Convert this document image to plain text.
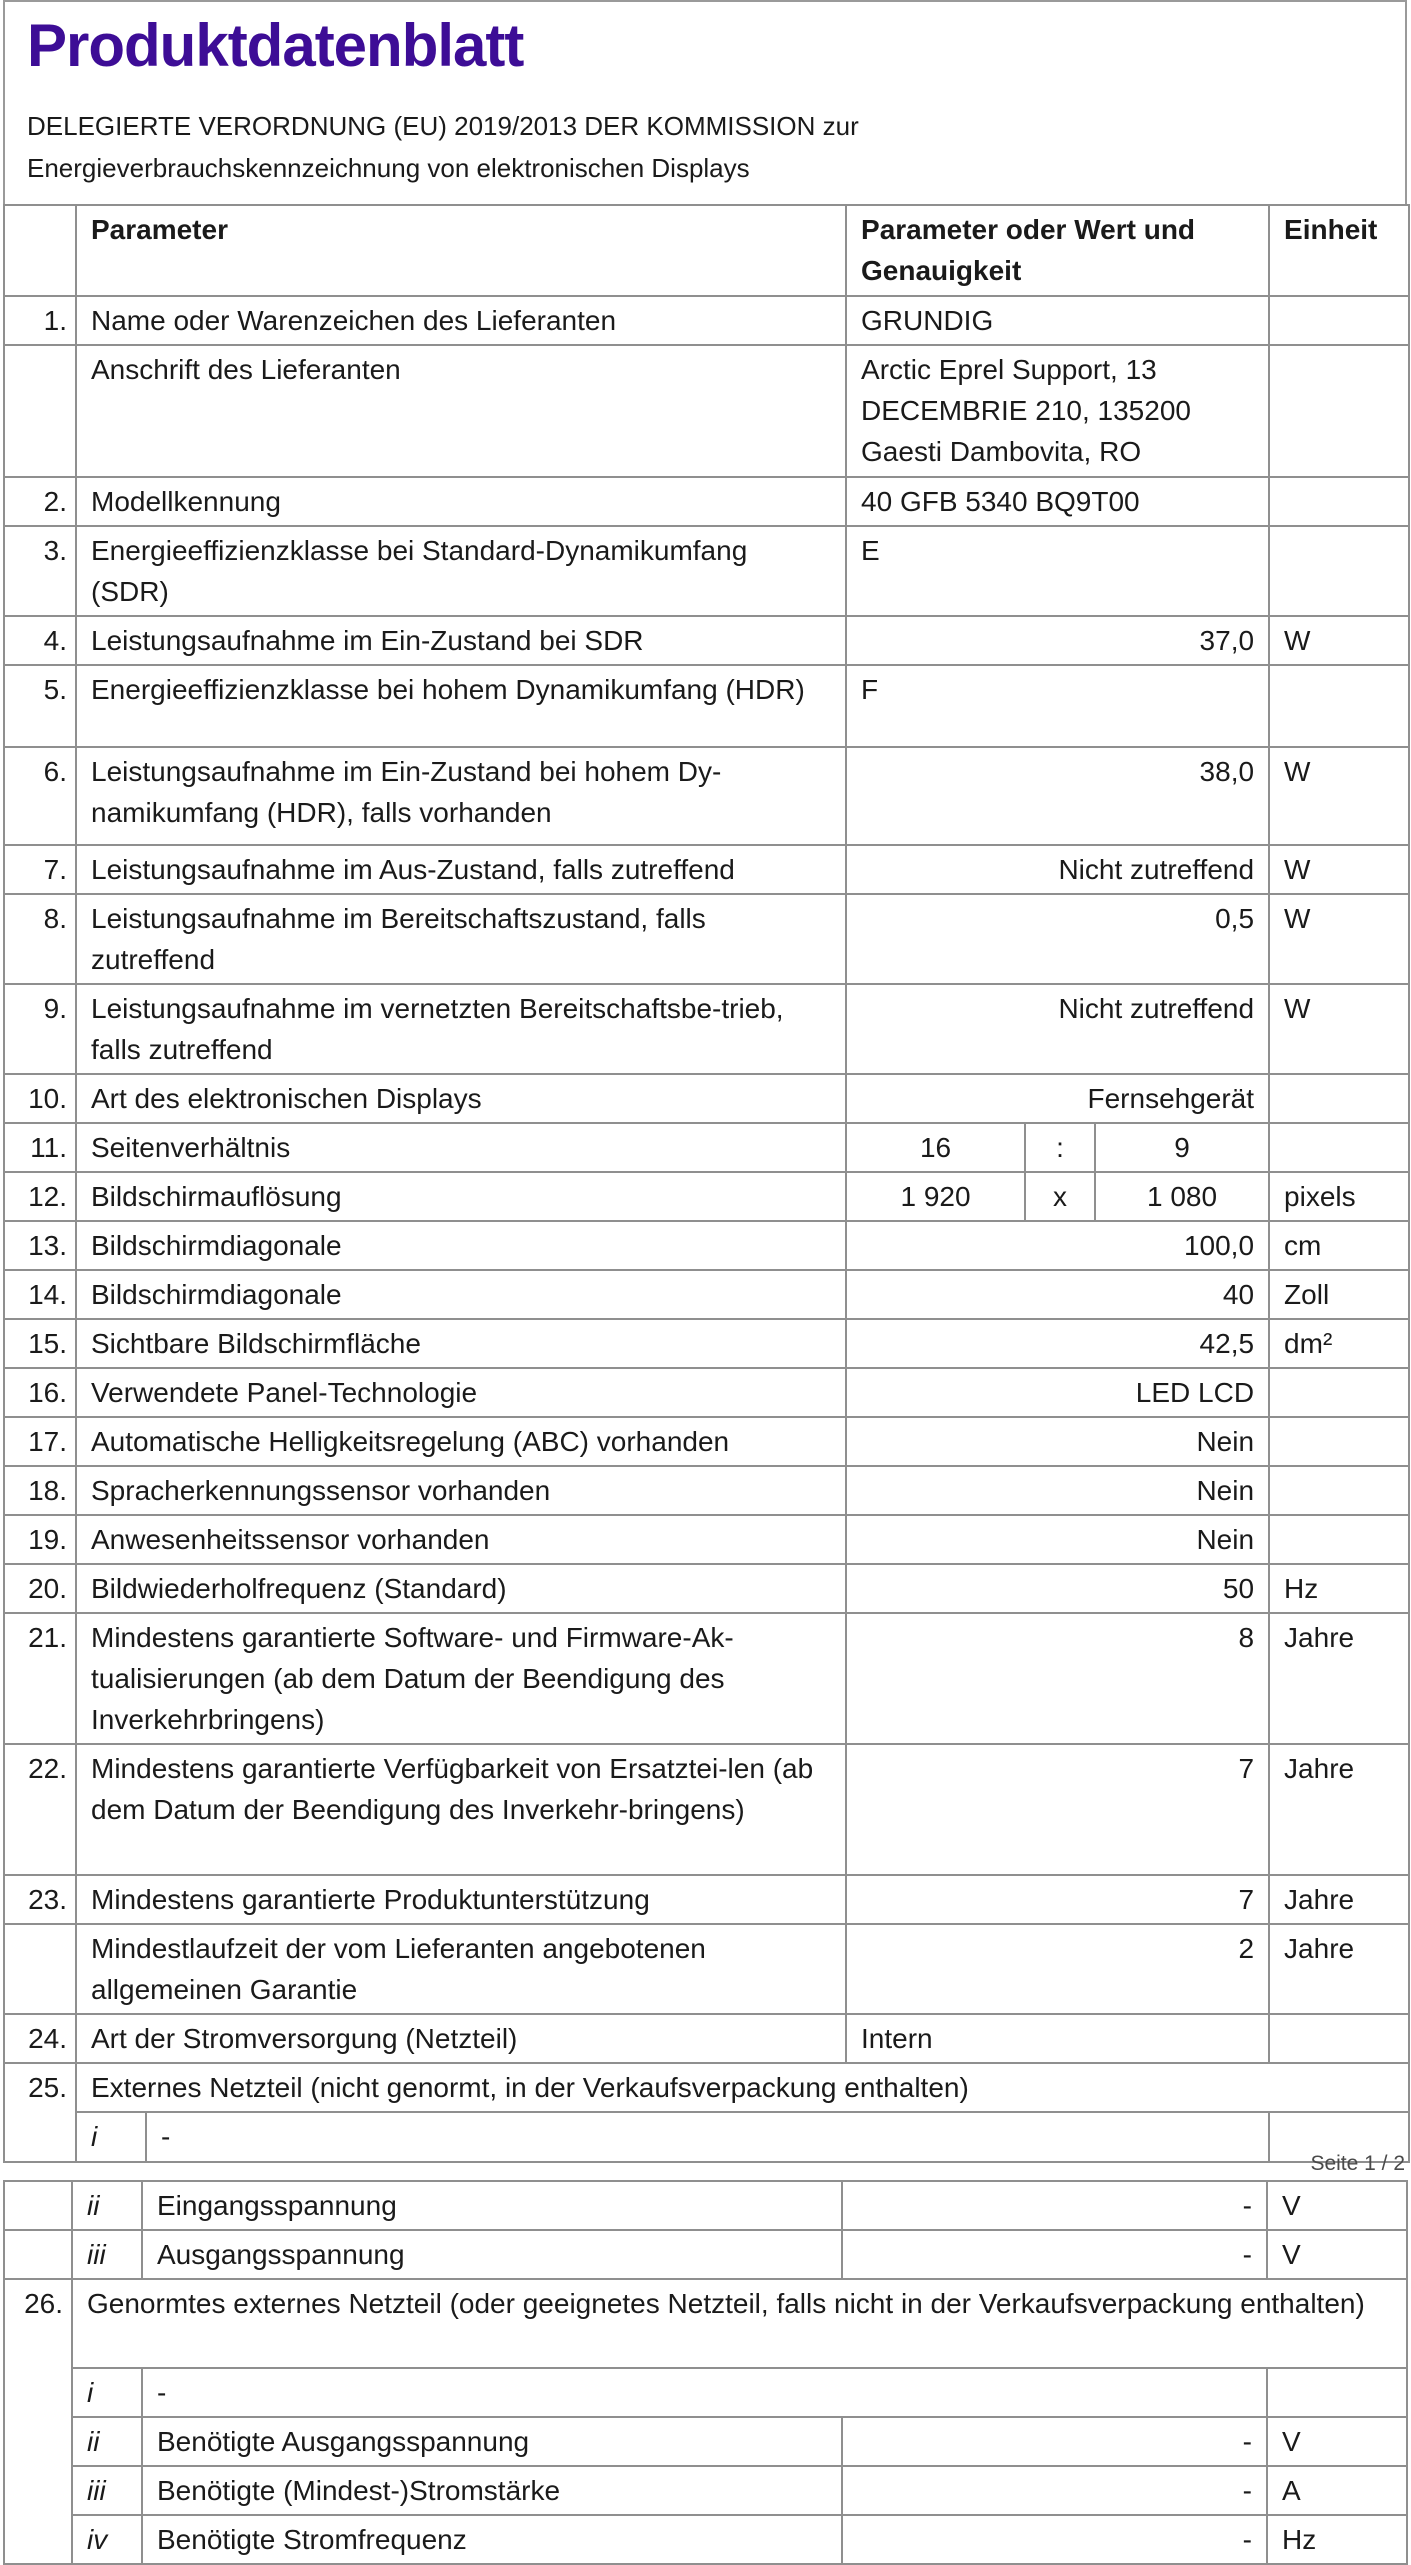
Produktdatenblatt
DELEGIERTE VERORDNUNG (EU) 2019/2013 DER KOMMISSION zur
Energieverbrauchskennzeichnung von elektronischen Displays
	Parameter		Parameter oder Wert und Genauigkeit			Einheit
1.	Name oder Warenzeichen des Lieferanten		GRUNDIG			
	Anschrift des Lieferanten		Arctic Eprel Support, 13
DECEMBRIE 210, 135200
Gaesti Dambovita, RO			

2.	Modellkennung		40 GFB 5340 BQ9T00			
3.	Energieeffizienzklasse bei Standard-Dynamikumfang (SDR)		E			
4.	Leistungsaufnahme im Ein-Zustand bei SDR		37,0			W
5.	Energieeffizienzklasse bei hohem Dynamikumfang (HDR)		F			
6.	Leistungsaufnahme im Ein-Zustand bei hohem Dy-namikumfang (HDR), falls vorhanden		38,0			W
7.	Leistungsaufnahme im Aus-Zustand, falls zutreffend		Nicht zutreffend			W
8.	Leistungsaufnahme im Bereitschaftszustand, falls zutreffend		0,5			W
9.	Leistungsaufnahme im vernetzten Bereitschaftsbe-trieb, falls zutreffend		Nicht zutreffend			W
10.	Art des elektronischen Displays		Fernsehgerät			
11.	Seitenverhältnis		16	:	9	
12.	Bildschirmauflösung		1 920	x	1 080	pixels
13.	Bildschirmdiagonale		100,0			cm
14.	Bildschirmdiagonale		40			Zoll
15.	Sichtbare Bildschirmfläche		42,5			dm²
16.	Verwendete Panel-Technologie		LED LCD			
17.	Automatische Helligkeitsregelung (ABC) vorhanden		Nein			
18.	Spracherkennungssensor vorhanden		Nein			
19.	Anwesenheitssensor vorhanden		Nein			
20.	Bildwiederholfrequenz (Standard)		50			Hz
21.	Mindestens garantierte Software- und Firmware-Ak-tualisierungen (ab dem Datum der Beendigung des Inverkehrbringens)		8			Jahre
22.	Mindestens garantierte Verfügbarkeit von Ersatztei-len (ab dem Datum der Beendigung des Inverkehr-bringens)		7			Jahre
23.	Mindestens garantierte Produktunterstützung		7			Jahre
	Mindestlaufzeit der vom Lieferanten angebotenen allgemeinen Garantie		2			Jahre
24.	Art der Stromversorgung (Netzteil)		Intern			
25.	Externes Netzteil (nicht genormt, in der Verkaufsverpackung enthalten)					
	i	-				
Seite 1 / 2
	ii	Eingangsspannung	-	V
	iii	Ausgangsspannung	-	V
26.	Genormtes externes Netzteil (oder geeignetes Netzteil, falls nicht in der Verkaufsverpackung enthalten)			
	i	-		
	ii	Benötigte Ausgangsspannung	-	V
	iii	Benötigte (Mindest-)Stromstärke	-	A
	iv	Benötigte Stromfrequenz	-	Hz
